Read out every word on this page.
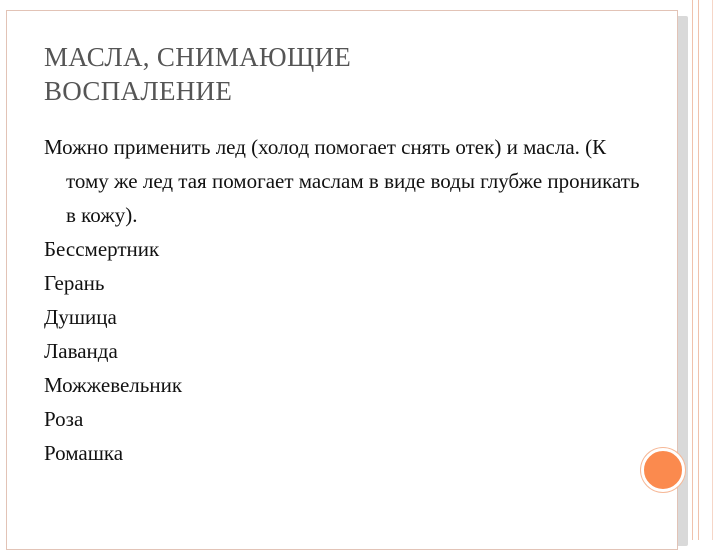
МАСЛА, СНИМАЮЩИЕ
ВОСПАЛЕНИЕ

Можно применить лед (холод помогает снять отек) и масла. (К тому же лед тая помогает маслам в виде воды глубже проникать в кожу).

Бессмертник
Герань
Душица
Лаванда
Можжевельник
Роза
Ромашка
